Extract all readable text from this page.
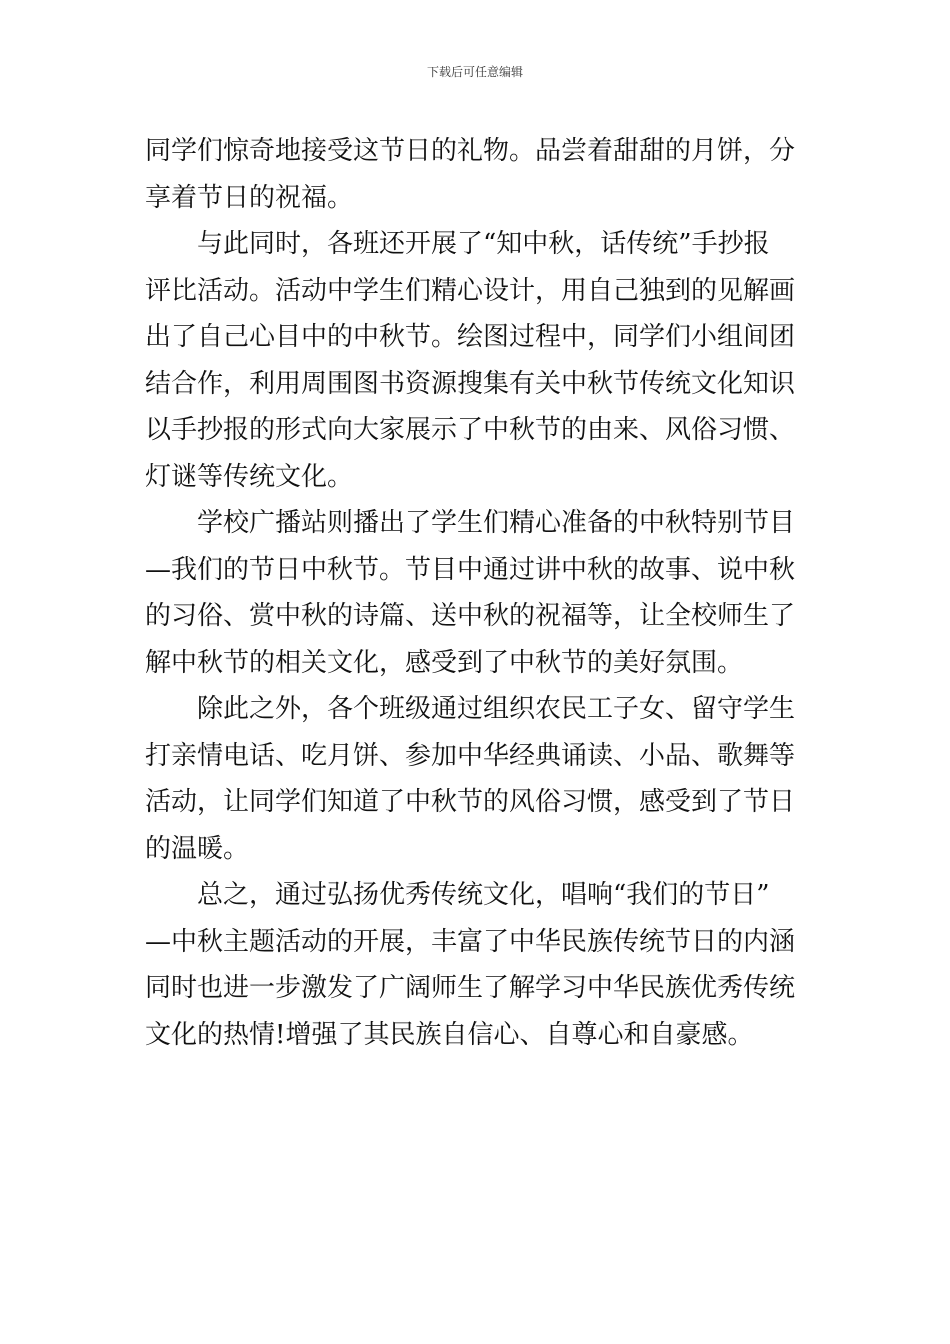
下载后可任意编辑
同学们惊奇地接受这节日的礼物。品尝着甜甜的月饼，分
享着节日的祝福。
与此同时，各班还开展了“知中秋，话传统”手抄报
评比活动。活动中学生们精心设计，用自己独到的见解画
出了自己心目中的中秋节。绘图过程中，同学们小组间团
结合作，利用周围图书资源搜集有关中秋节传统文化知识
以手抄报的形式向大家展示了中秋节的由来、风俗习惯、
灯谜等传统文化。
学校广播站则播出了学生们精心准备的中秋特别节目
—我们的节日中秋节。节目中通过讲中秋的故事、说中秋
的习俗、赏中秋的诗篇、送中秋的祝福等，让全校师生了
解中秋节的相关文化，感受到了中秋节的美好氛围。
除此之外，各个班级通过组织农民工子女、留守学生
打亲情电话、吃月饼、参加中华经典诵读、小品、歌舞等
活动，让同学们知道了中秋节的风俗习惯，感受到了节日
的温暖。
总之，通过弘扬优秀传统文化，唱响“我们的节日”
—中秋主题活动的开展，丰富了中华民族传统节日的内涵
同时也进一步激发了广阔师生了解学习中华民族优秀传统
文化的热情!增强了其民族自信心、自尊心和自豪感。
